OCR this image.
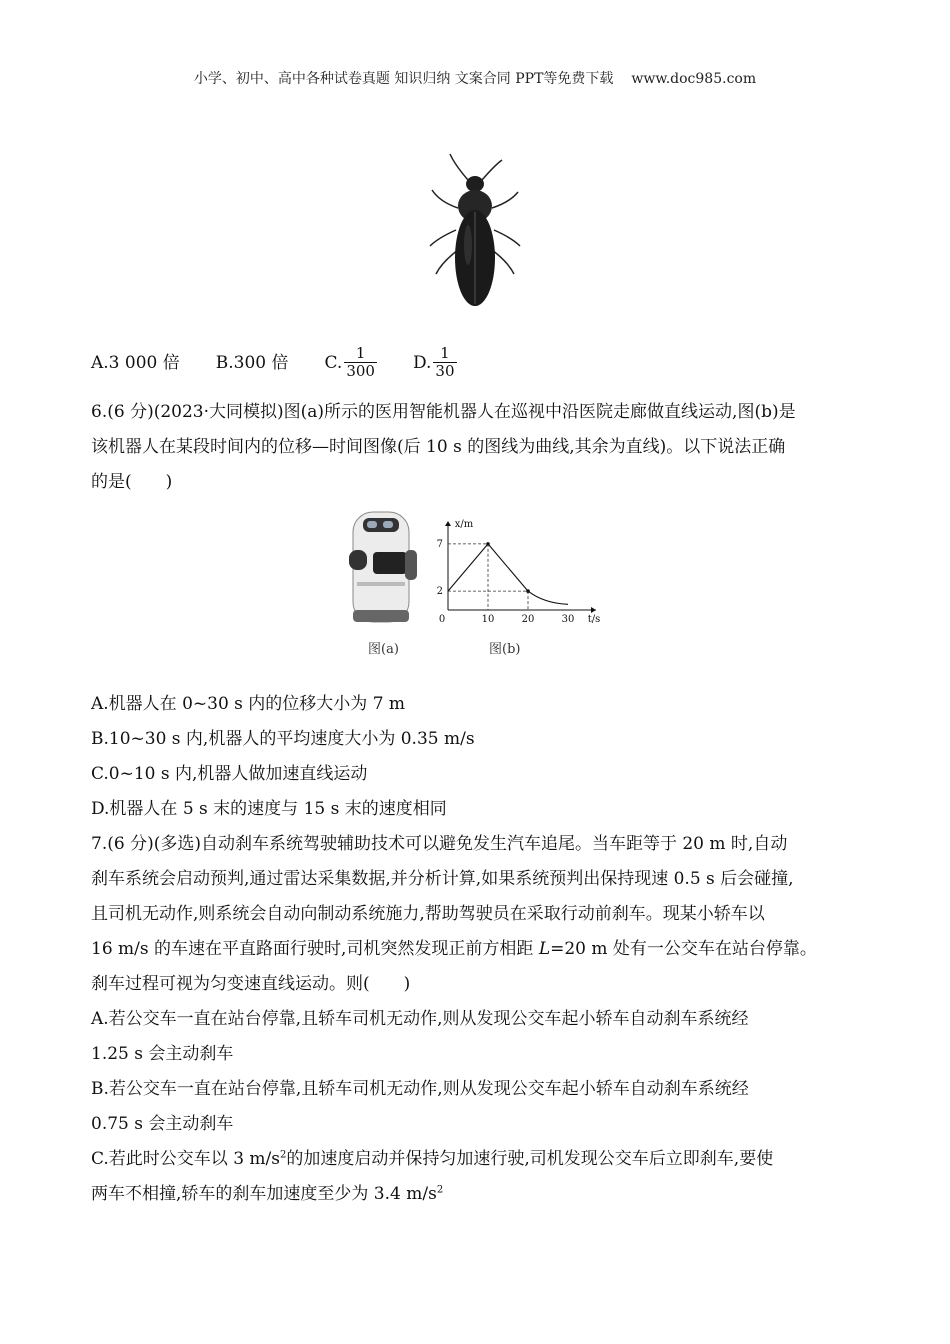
小学、初中、高中各种试卷真题 知识归纳 文案合同 PPT等免费下载 www.doc985.com
A.3 000 倍 B.300 倍 C. $\frac{1}{300} D$. $\frac{1}{30}$
6.(6 分)(2023·大同模拟)图(a)所示的医用智能机器人在巡视中沿医院走廊做直线运动,图(b)是
该机器人在某段时间内的位移—时间图像(后 10 s 的图线为曲线,其余为直线)。以下说法正确
的是(　　)
0	10	20	30
2
7
t/s
x/m
图(a)	图(b)
A.机器人在 0~30 s 内的位移大小为 7 m
B.10~30 s 内,机器人的平均速度大小为 0.35 m/s
C.0~10 s 内,机器人做加速直线运动
D.机器人在 5 s 末的速度与 15 s 末的速度相同
7.(6 分)(多选)自动刹车系统驾驶辅助技术可以避免发生汽车追尾。当车距等于 20 m 时,自动
刹车系统会启动预判,通过雷达采集数据,并分析计算,如果系统预判出保持现速 0.5 s 后会碰撞,
且司机无动作,则系统会自动向制动系统施力,帮助驾驶员在采取行动前刹车。现某小轿车以
16 m/s 的车速在平直路面行驶时,司机突然发现正前方相距 L=20 m 处有一公交车在站台停靠。
刹车过程可视为匀变速直线运动。则(　　)
A.若公交车一直在站台停靠,且轿车司机无动作,则从发现公交车起小轿车自动刹车系统经
1.25 s 会主动刹车
B.若公交车一直在站台停靠,且轿车司机无动作,则从发现公交车起小轿车自动刹车系统经
0.75 s 会主动刹车
C.若此时公交车以 3 $m/s^2$的加速度启动并保持匀加速行驶,司机发现公交车后立即刹车,要使
两车不相撞,轿车的刹车加速度至少为 3.4 $m/s^2$
